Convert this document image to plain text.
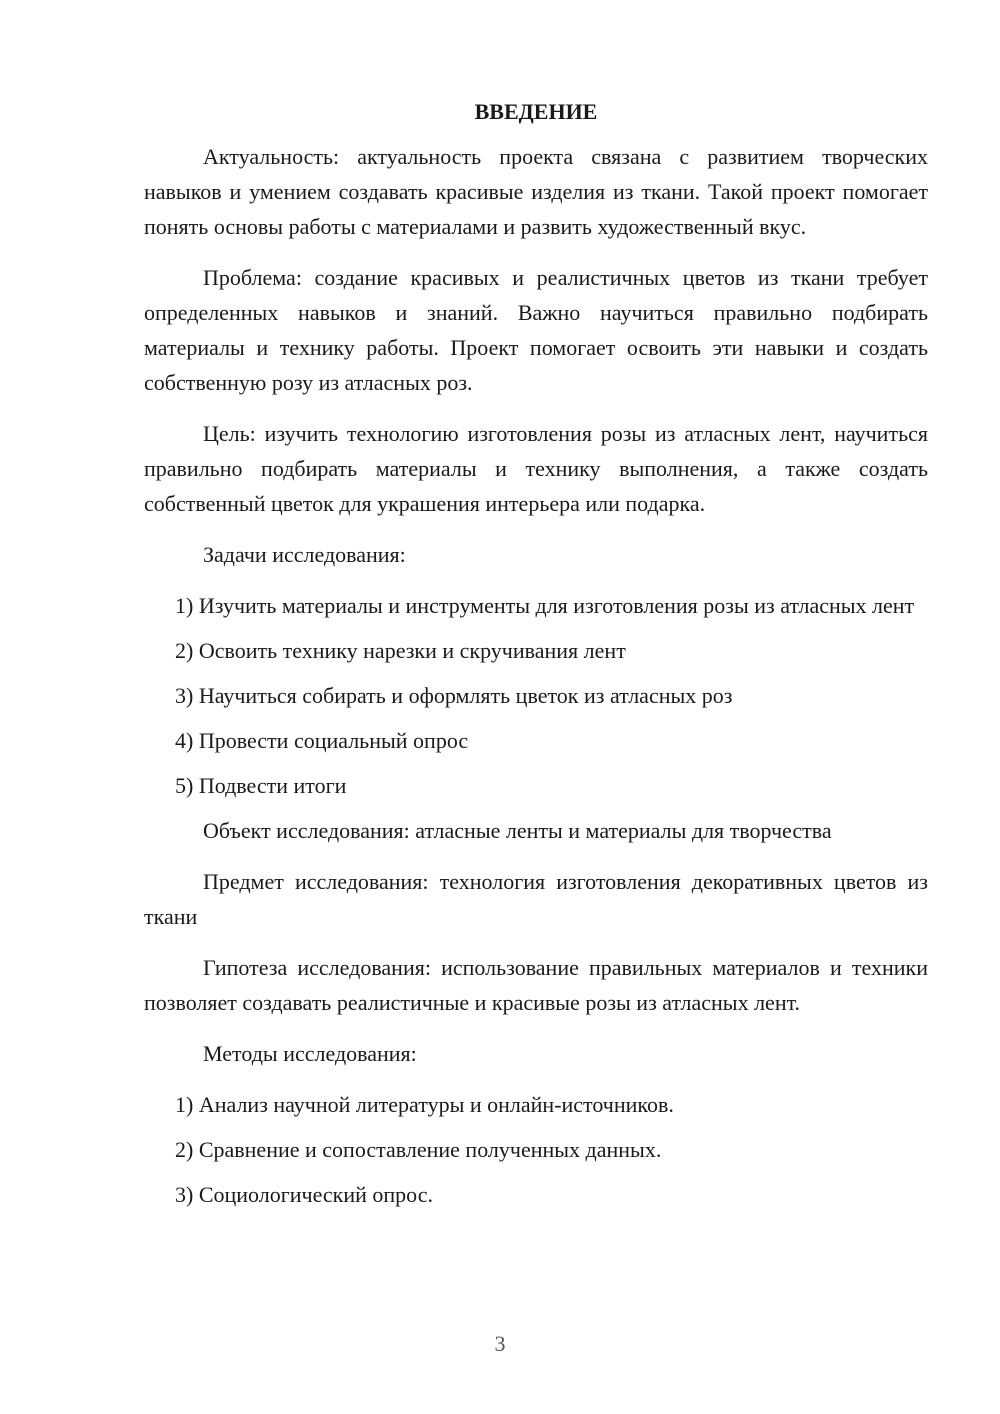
ВВЕДЕНИЕ

Актуальность: актуальность проекта связана с развитием творческих навыков и умением создавать красивые изделия из ткани. Такой проект помогает понять основы работы с материалами и развить художественный вкус.

Проблема: создание красивых и реалистичных цветов из ткани требует определенных навыков и знаний. Важно научиться правильно подбирать материалы и технику работы. Проект помогает освоить эти навыки и создать собственную розу из атласных роз.

Цель: изучить технологию изготовления розы из атласных лент, научиться правильно подбирать материалы и технику выполнения, а также создать собственный цветок для украшения интерьера или подарка.

Задачи исследования:

1) Изучить материалы и инструменты для изготовления розы из атласных лент

2) Освоить технику нарезки и скручивания лент

3) Научиться собирать и оформлять цветок из атласных роз

4) Провести социальный опрос

5) Подвести итоги

Объект исследования: атласные ленты и материалы для творчества

Предмет исследования: технология изготовления декоративных цветов из ткани

Гипотеза исследования: использование правильных материалов и техники позволяет создавать реалистичные и красивые розы из атласных лент.

Методы исследования:

1) Анализ научной литературы и онлайн-источников.

2) Сравнение и сопоставление полученных данных.

3) Социологический опрос.

3
